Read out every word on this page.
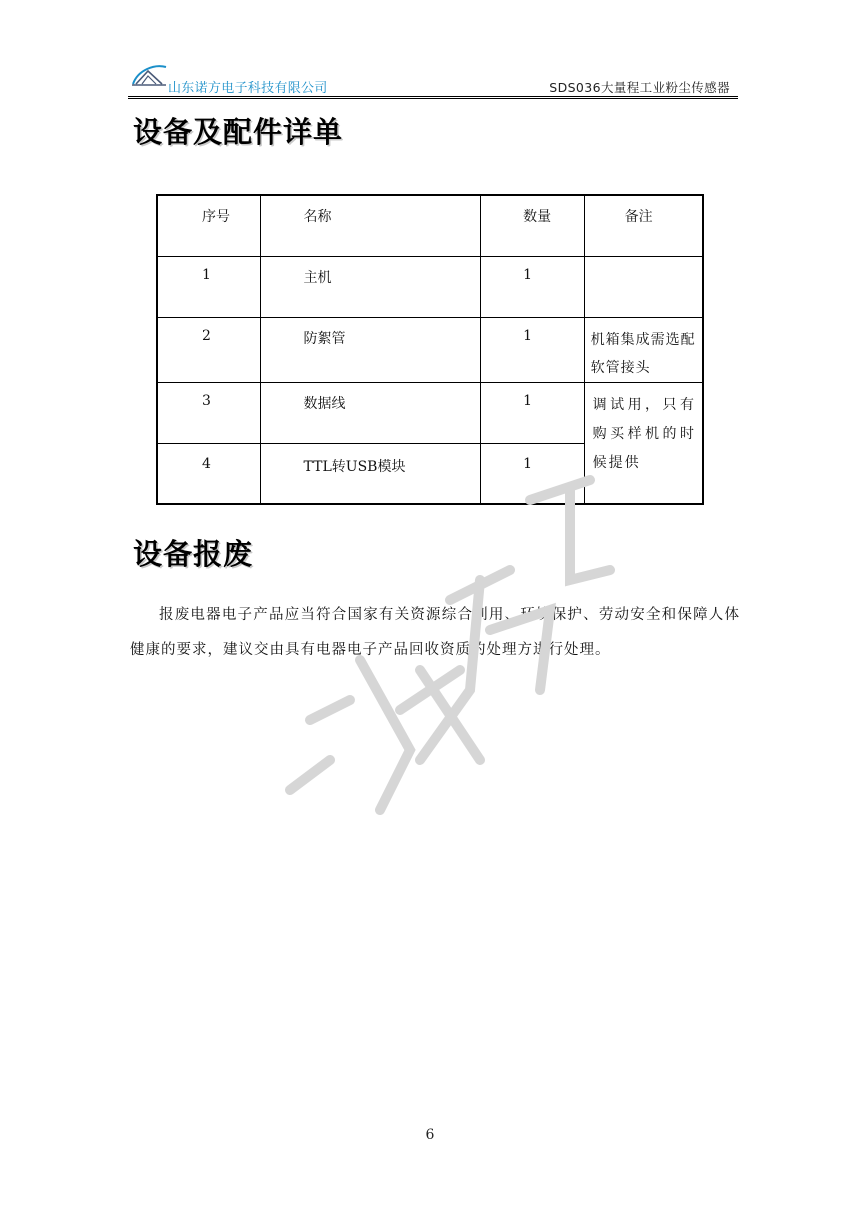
山东诺方电子科技有限公司	SDS036大量程工业粉尘传感器
设备及配件详单
序号	名称	数量	备注

1	主机	1	

2	防絮管	1	机箱集成需选配软管接头

3	数据线	1	调试用，只有购买样机的时候提供

4	TTL转USB模块	1	
设备报废

报废电器电子产品应当符合国家有关资源综合利用、环境保护、劳动安全和保障人体健康的要求，建议交由具有电器电子产品回收资质的处理方进行处理。

6
